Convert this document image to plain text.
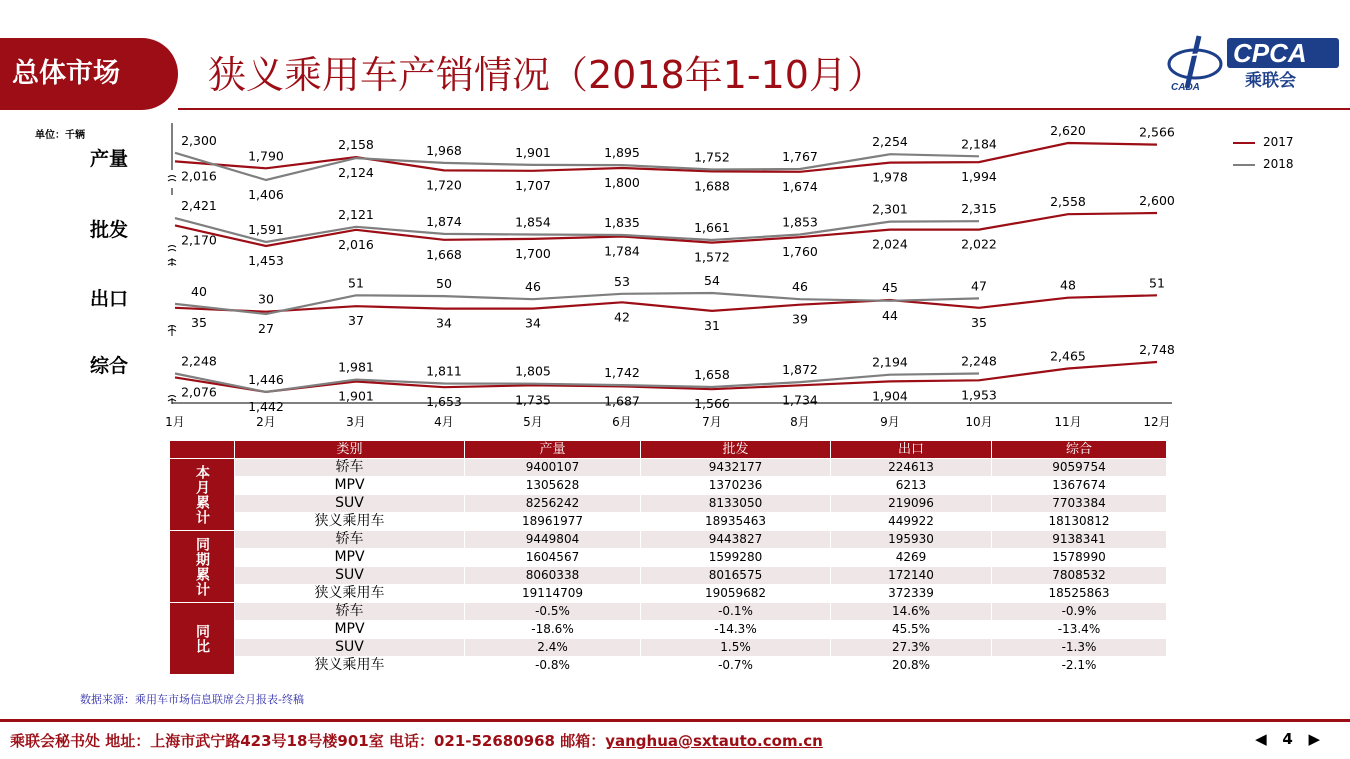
总体市场	狭义乘用车产销情况（2018年1-10月）	CADA
CPCA
乘联会
单位：千辆
产量
批发
出口
综合
1月	2月	3月	4月	5月	6月	7月	8月	9月	10月	11月	12月
2,300
2,016
1,790
1,406
2,158
2,124
1,968
1,720
1,901
1,707
1,895
1,800
1,752
1,688
1,767
1,674
2,254
1,978
2,184
1,994
2,620	2,566
2,421
2,170
1,591
1,453
2,121
2,016
1,874
1,668
1,854
1,700
1,835
1,784
1,661
1,572
1,853
1,760
2,301
2,024
2,315
2,022
2,558	2,600
40
35
30
27
51
37
50
34
46
34
53
42
54
31
46
39
45
44
47
35
48	51
2,248
2,076
1,446
1,442
1,981
1,901
1,811
1,653
1,805
1,735
1,742
1,687
1,658
1,566
1,872
1,734
2,194
1,904
2,248
1,953
2,465	2,748
2017
2018
	类别	产量	批发	出口	综合
本月累计	轿车	9400107	9432177	224613	9059754
	MPV	1305628	1370236	6213	1367674
	SUV	8256242	8133050	219096	7703384
	狭义乘用车	18961977	18935463	449922	18130812
同期累计	轿车	9449804	9443827	195930	9138341
	MPV	1604567	1599280	4269	1578990
	SUV	8060338	8016575	172140	7808532
	狭义乘用车	19114709	19059682	372339	18525863
同比	轿车	-0.5%	-0.1%	14.6%	-0.9%
	MPV	-18.6%	-14.3%	45.5%	-13.4%
	SUV	2.4%	1.5%	27.3%	-1.3%
	狭义乘用车	-0.8%	-0.7%	20.8%	-2.1%
数据来源：乘用车市场信息联席会月报表-终稿
乘联会秘书处 地址：上海市武宁路423号18号楼901室 电话：021-52680968 邮箱：yanghua@sxtauto.com.cn	◀ 4 ▶
